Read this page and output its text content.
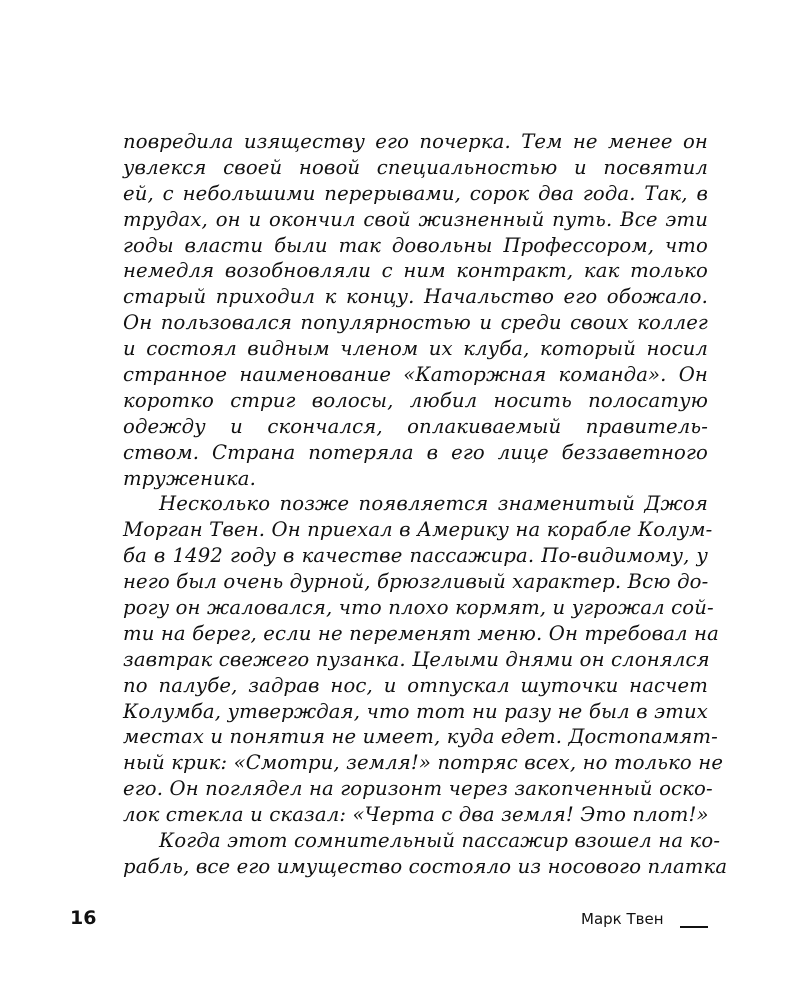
повредила изяществу его почерка. Тем не менее он
увлекся своей новой специальностью и посвятил
ей, с небольшими перерывами, сорок два года. Так, в
трудах, он и окончил свой жизненный путь. Все эти
годы власти были так довольны Профессором, что
немедля возобновляли с ним контракт, как только
старый приходил к концу. Начальство его обожало.
Он пользовался популярностью и среди своих коллег
и состоял видным членом их клуба, который носил
странное наименование «Каторжная команда». Он
коротко стриг волосы, любил носить полосатую
одежду и скончался, оплакиваемый правитель-
ством. Страна потеряла в его лице беззаветного
труженика.
Несколько позже появляется знаменитый Джоя
Морган Твен. Он приехал в Америку на корабле Колум-
ба в 1492 году в качестве пассажира. По-видимому, у
него был очень дурной, брюзгливый характер. Всю до-
рогу он жаловался, что плохо кормят, и угрожал сой-
ти на берег, если не переменят меню. Он требовал на
завтрак свежего пузанка. Целыми днями он слонялся
по палубе, задрав нос, и отпускал шуточки насчет
Колумба, утверждая, что тот ни разу не был в этих
местах и понятия не имеет, куда едет. Достопамят-
ный крик: «Смотри, земля!» потряс всех, но только не
его. Он поглядел на горизонт через закопченный оско-
лок стекла и сказал: «Черта с два земля! Это плот!»
Когда этот сомнительный пассажир взошел на ко-
рабль, все его имущество состояло из носового платка
16	Марк Твен
